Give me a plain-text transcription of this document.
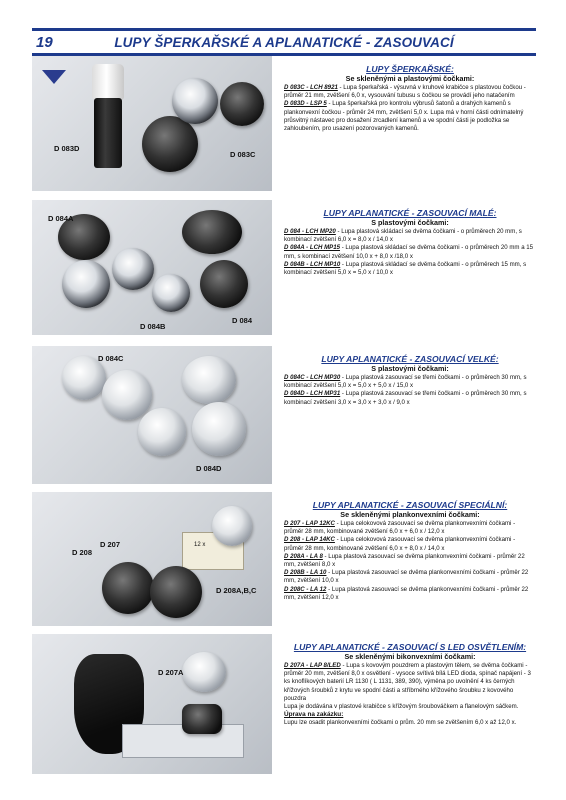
19	LUPY ŠPERKAŘSKÉ A APLANATICKÉ - ZASOUVACÍ
D 083D
D 083C
LUPY ŠPERKAŘSKÉ:
Se skleněnými a plastovými čočkami:

D 083C - LCH 8921 - Lupa šperkařská - výsuvná v kruhové krabičce s plastovou čočkou - průměr 21 mm, zvětšení 6,0 x, vysouvání tubusu s čočkou se provádí jeho natačením

D 083D - LSP 5 - Lupa šperkařská pro kontrolu výbrusů šatonů a drahých kamenů s plankonvexní čočkou - průměr 24 mm, zvětšení 5,0 x. Lupa má v horní části odnímatelný průsvitný nástavec pro dosažení zrcadlení kamenů a ve spodní části je podložka se zahloubením, pro usazení pozorovaných kamenů.

D 084A
D 084B
D 084
LUPY APLANATICKÉ - ZASOUVACÍ MALÉ:
S plastovými čočkami:

D 084 - LCH MP20 - Lupa plastová skládací se dvěma čočkami - o průměrech 20 mm, s kombinací zvětšení 6,0 x = 8,0 x / 14,0 x

D 084A - LCH MP15 - Lupa plastová skládací se dvěma čočkami - o průměrech 20 mm a 15 mm, s kombinací zvětšení 10,0 x + 8,0 x /18,0 x

D 084B - LCH MP10 - Lupa plastová skládací se dvěma čočkami - o průměrech 15 mm, s kombinací zvětšení 5,0 x = 5,0 x / 10,0 x

D 084C
D 084D
LUPY APLANATICKÉ - ZASOUVACÍ VELKÉ:
S plastovými čočkami:

D 084C - LCH MP30 - Lupa plastová zasouvací se třemi čočkami - o průměrech 30 mm, s kombinací zvětšení 5,0 x = 5,0 x + 5,0 x / 15,0 x

D 084D - LCH MP31 - Lupa plastová zasouvací se třemi čočkami - o průměrech 30 mm, s kombinací zvětšení 3,0 x = 3,0 x + 3,0 x / 9,0 x

12 x
D 207
D 208
D 208A,B,C
LUPY APLANATICKÉ - ZASOUVACÍ SPECIÁLNÍ:
Se skleněnými plankonvexními čočkami:

D 207 - LAP 12KC - Lupa celokovová zasouvací se dvěma plankonvexními čočkami - průměr 28 mm, kombinované zvětšení 6,0 x + 6,0 x / 12,0 x

D 208 - LAP 14KC - Lupa celokovová zasouvací se dvěma plankonvexními čočkami - průměr 28 mm, kombinované zvětšení 6,0 x + 8,0 x / 14,0 x

D 208A - LA 8 - Lupa plastová zasouvací se dvěma plankonvexními čočkami - průměr 22 mm, zvětšení 8,0 x

D 208B - LA 10 - Lupa plastová zasouvací se dvěma plankonvexními čočkami - průměr 22 mm, zvětšení 10,0 x

D 208C - LA 12 - Lupa plastová zasouvací se dvěma plankonvexními čočkami - průměr 22 mm, zvětšení 12,0 x

D 207A
LUPY APLANATICKÉ - ZASOUVACÍ S LED OSVĚTLENÍM:
Se skleněnými bikonvexními čočkami:

D 207A - LAP 8/LED - Lupa s kovovým pouzdrem a plastovým tělem, se dvěma čočkami - průměr 20 mm, zvětšení 8,0 x osvětlení - vysoce svítivá bílá LED dioda, spínač napájení - 3 ks knoflíkových baterií LR 1130 ( L 1131, 389, 390), výměna po uvolnění 4 ks černých křížových šroubků z krytu ve spodní části a stříbrného křížového šroubku z kovového pouzdra

Lupa je dodávána v plastové krabičce s křížovým šroubováčkem a flanelovým sáčkem.

Úprava na zakázku:

Lupu lze osadit plankonvexními čočkami o prům. 20 mm se zvětšením 6,0 x až 12,0 x.
